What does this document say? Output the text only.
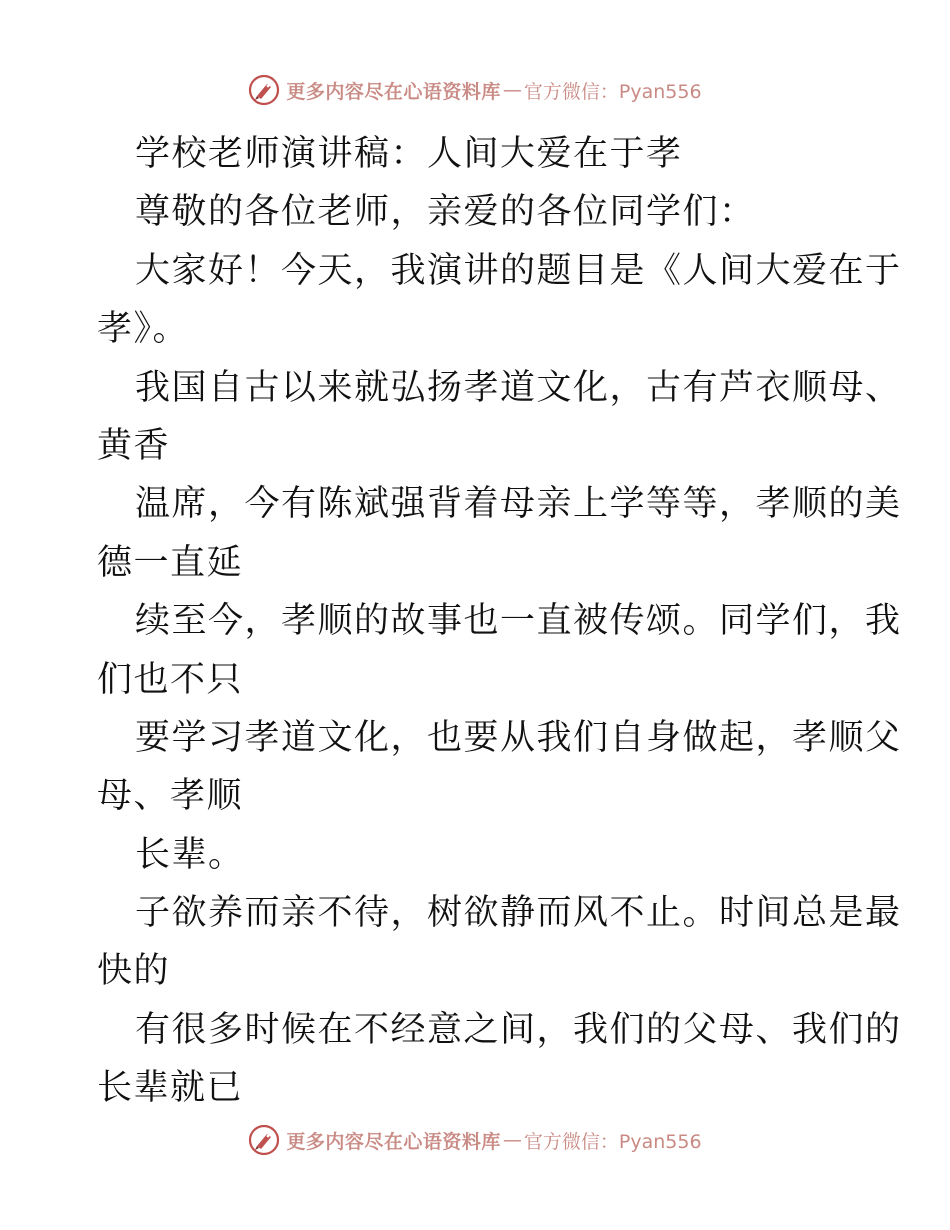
更多内容尽在心语资料库 — 官方微信：Pyan556
学校老师演讲稿：人间大爱在于孝
尊敬的各位老师，亲爱的各位同学们：
大家好！今天，我演讲的题目是《人间大爱在于
孝》。
我国自古以来就弘扬孝道文化，古有芦衣顺母、
黄香
温席，今有陈斌强背着母亲上学等等，孝顺的美
德一直延
续至今，孝顺的故事也一直被传颂。同学们，我
们也不只
要学习孝道文化，也要从我们自身做起，孝顺父
母、孝顺
长辈。
子欲养而亲不待，树欲静而风不止。时间总是最
快的
有很多时候在不经意之间，我们的父母、我们的
长辈就已
更多内容尽在心语资料库 — 官方微信：Pyan556
